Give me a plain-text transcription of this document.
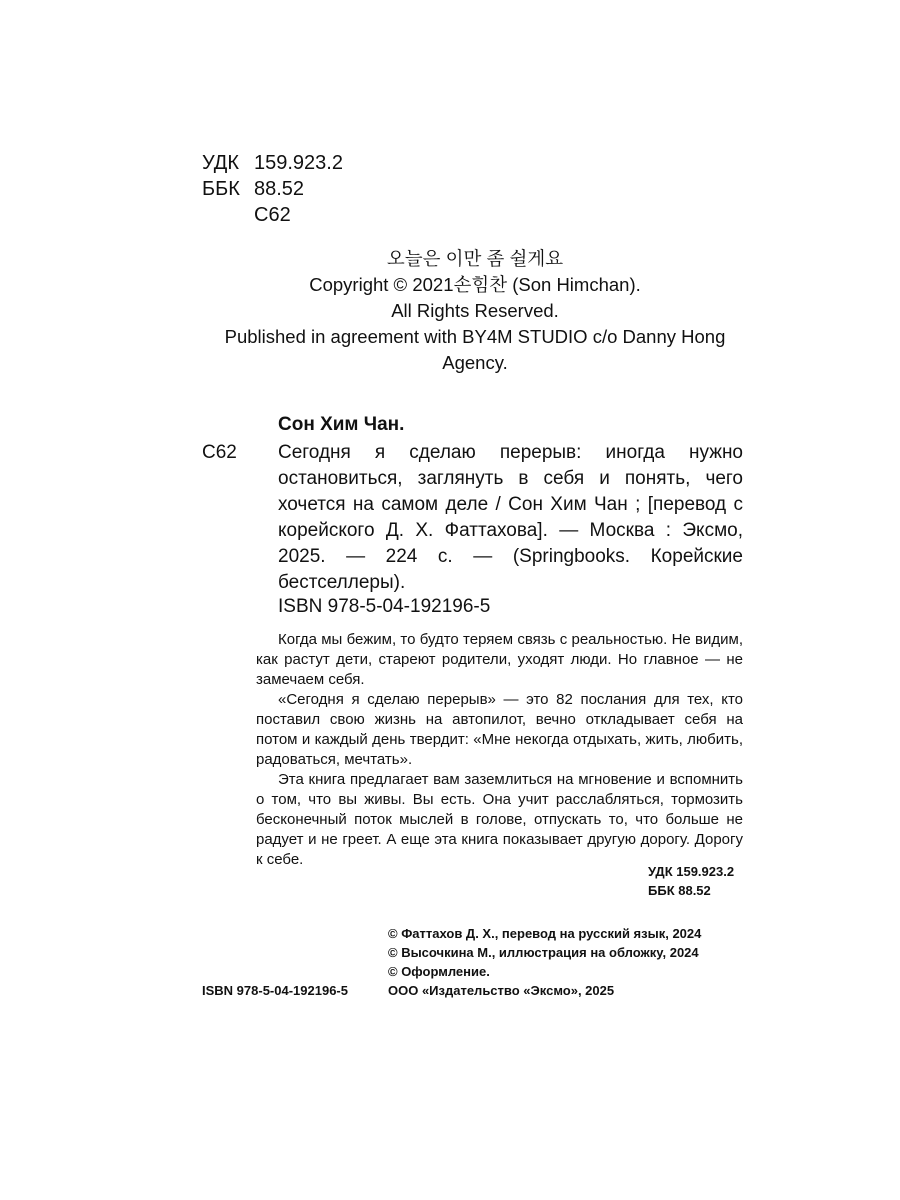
УДК 159.923.2
ББК 88.52
С62
오늘은 이만 좀 쉴게요
Copyright © 2021손힘찬 (Son Himchan).
All Rights Reserved.
Published in agreement with BY4M STUDIO c/o Danny Hong
Agency.
Сон Хим Чан.
С62 Сегодня я сделаю перерыв: иногда нужно остановиться, заглянуть в себя и понять, чего хочется на самом деле / Сон Хим Чан ; [перевод с корейского Д. Х. Фаттахова]. — Москва : Эксмо, 2025. — 224 с. — (Springbooks. Корейские бестселлеры).
ISBN 978-5-04-192196-5

Когда мы бежим, то будто теряем связь с реальностью. Не видим, как растут дети, стареют родители, уходят люди. Но главное — не замечаем себя.

«Сегодня я сделаю перерыв» — это 82 послания для тех, кто поставил свою жизнь на автопилот, вечно откладывает себя на потом и каждый день твердит: «Мне некогда отдыхать, жить, любить, радоваться, мечтать».

Эта книга предлагает вам заземлиться на мгновение и вспомнить о том, что вы живы. Вы есть. Она учит расслабляться, тормозить бесконечный поток мыслей в голове, отпускать то, что больше не радует и не греет. А еще эта книга показывает другую дорогу. Дорогу к себе.

УДК 159.923.2
ББК 88.52
© Фаттахов Д. Х., перевод на русский язык, 2024
© Высочкина М., иллюстрация на обложку, 2024
© Оформление.
ООО «Издательство «Эксмо», 2025
ISBN 978-5-04-192196-5
